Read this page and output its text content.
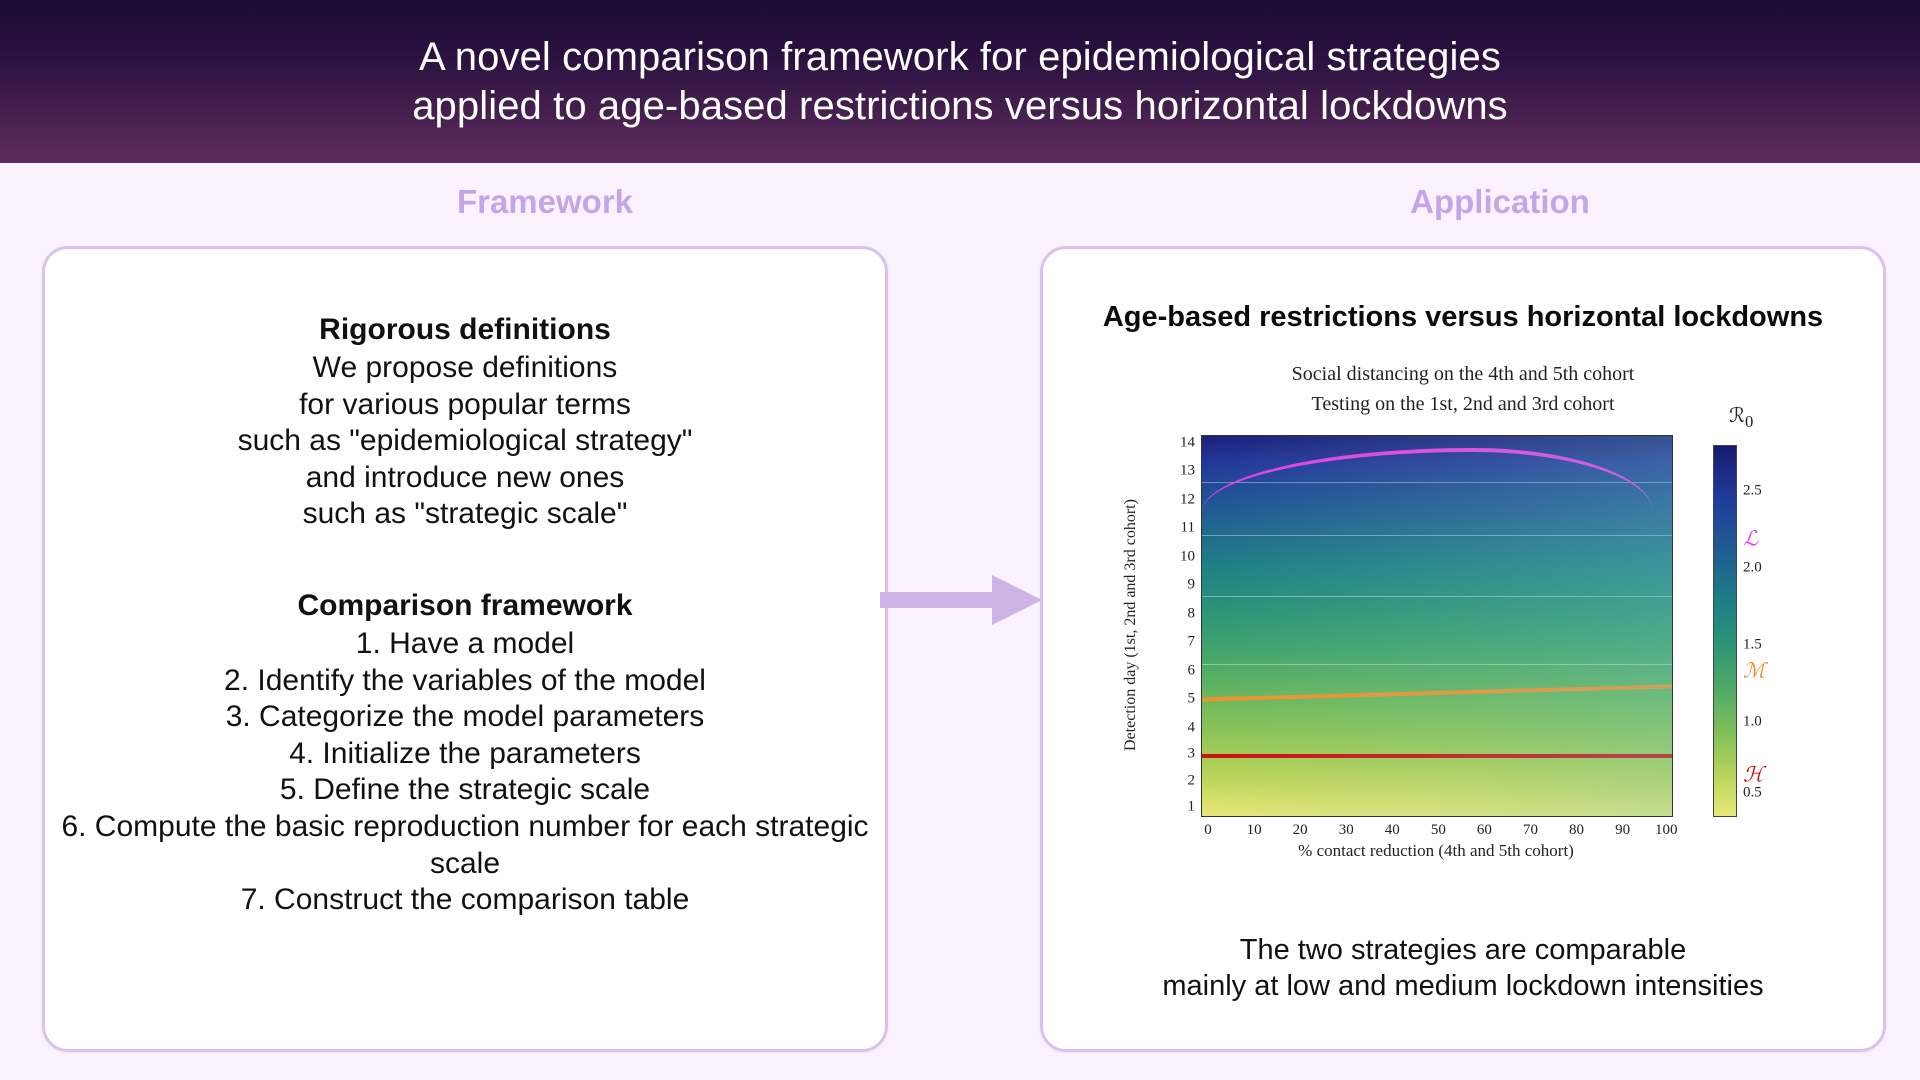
A novel comparison framework for epidemiological strategies
applied to age-based restrictions versus horizontal lockdowns
Framework	Application
Rigorous definitions
We propose definitions
for various popular terms
such as "epidemiological strategy"
and introduce new ones
such as "strategic scale"
Comparison framework
1. Have a model
2. Identify the variables of the model
3. Categorize the model parameters
4. Initialize the parameters
5. Define the strategic scale
6. Compute the basic reproduction number for each strategic scale
7. Construct the comparison table
Age-based restrictions versus horizontal lockdowns
Social distancing on the 4th and 5th cohort
Testing on the 1st, 2nd and 3rd cohort
Detection day (1st, 2nd and 3rd cohort)
14
13
12
11
10
9
8
7
6
5
4
3
2
1
0 10 20 30 40 50 60 70 80 90 100
% contact reduction (4th and 5th cohort)
ℛ$_0$
2.5
2.0
1.5
1.0
0.5
ℒ
ℳ
ℋ
The two strategies are comparable
mainly at low and medium lockdown intensities
